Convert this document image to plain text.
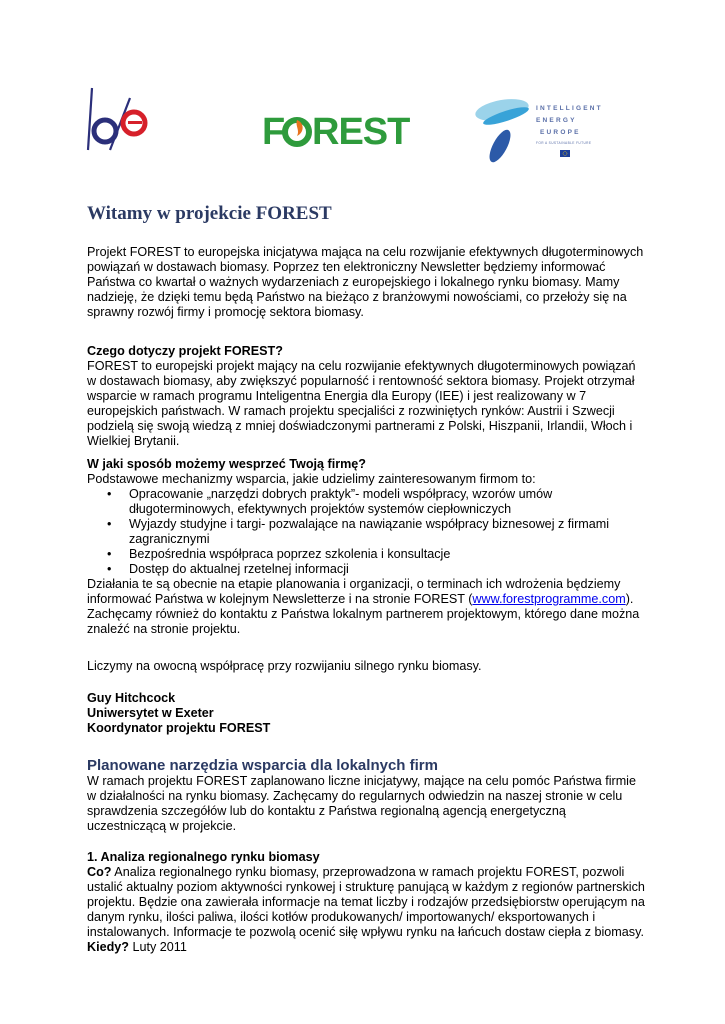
F REST
INTELLIGENT
ENERGY
EUROPE
FOR A SUSTAINABLE FUTURE
Witamy w projekcie FOREST

Projekt FOREST to europejska inicjatywa mająca na celu rozwijanie efektywnych długoterminowych powiązań w dostawach biomasy. Poprzez ten elektroniczny Newsletter będziemy informować Państwa co kwartał o ważnych wydarzeniach z europejskiego i lokalnego rynku biomasy. Mamy nadzieję, że dzięki temu będą Państwo na bieżąco z branżowymi nowościami, co przełoży się na sprawny rozwój firmy i promocję sektora biomasy.

Czego dotyczy projekt FOREST?

FOREST to europejski projekt mający na celu rozwijanie efektywnych długoterminowych powiązań w dostawach biomasy, aby zwiększyć popularność i rentowność sektora biomasy. Projekt otrzymał wsparcie w ramach programu Inteligentna Energia dla Europy (IEE) i jest realizowany w 7 europejskich państwach. W ramach projektu specjaliści z rozwiniętych rynków: Austrii i Szwecji podzielą się swoją wiedzą z mniej doświadczonymi partnerami z Polski, Hiszpanii, Irlandii, Włoch i Wielkiej Brytanii.

W jaki sposób możemy wesprzeć Twoją firmę?

Podstawowe mechanizmy wsparcia, jakie udzielimy zainteresowanym firmom to:

• Opracowanie „narzędzi dobrych praktyk”- modeli współpracy, wzorów umów długoterminowych, efektywnych projektów systemów ciepłowniczych
• Wyjazdy studyjne i targi- pozwalające na nawiązanie współpracy biznesowej z firmami zagranicznymi
• Bezpośrednia współpraca poprzez szkolenia i konsultacje
• Dostęp do aktualnej rzetelnej informacji

Działania te są obecnie na etapie planowania i organizacji, o terminach ich wdrożenia będziemy informować Państwa w kolejnym Newsletterze i na stronie FOREST (www.forestprogramme.com). Zachęcamy również do kontaktu z Państwa lokalnym partnerem projektowym, którego dane można znaleźć na stronie projektu.

Liczymy na owocną współpracę przy rozwijaniu silnego rynku biomasy.

Guy Hitchcock
Uniwersytet w Exeter
Koordynator projektu FOREST
Planowane narzędzia wsparcia dla lokalnych firm

W ramach projektu FOREST zaplanowano liczne inicjatywy, mające na celu pomóc Państwa firmie w działalności na rynku biomasy. Zachęcamy do regularnych odwiedzin na naszej stronie w celu sprawdzenia szczegółów lub do kontaktu z Państwa regionalną agencją energetyczną uczestniczącą w projekcie.

1. Analiza regionalnego rynku biomasy

Co? Analiza regionalnego rynku biomasy, przeprowadzona w ramach projektu FOREST, pozwoli ustalić aktualny poziom aktywności rynkowej i strukturę panującą w każdym z regionów partnerskich projektu. Będzie ona zawierała informacje na temat liczby i rodzajów przedsiębiorstw operującym na danym rynku, ilości paliwa, ilości kotłów produkowanych/ importowanych/ eksportowanych i instalowanych. Informacje te pozwolą ocenić siłę wpływu rynku na łańcuch dostaw ciepła z biomasy.

Kiedy? Luty 2011
